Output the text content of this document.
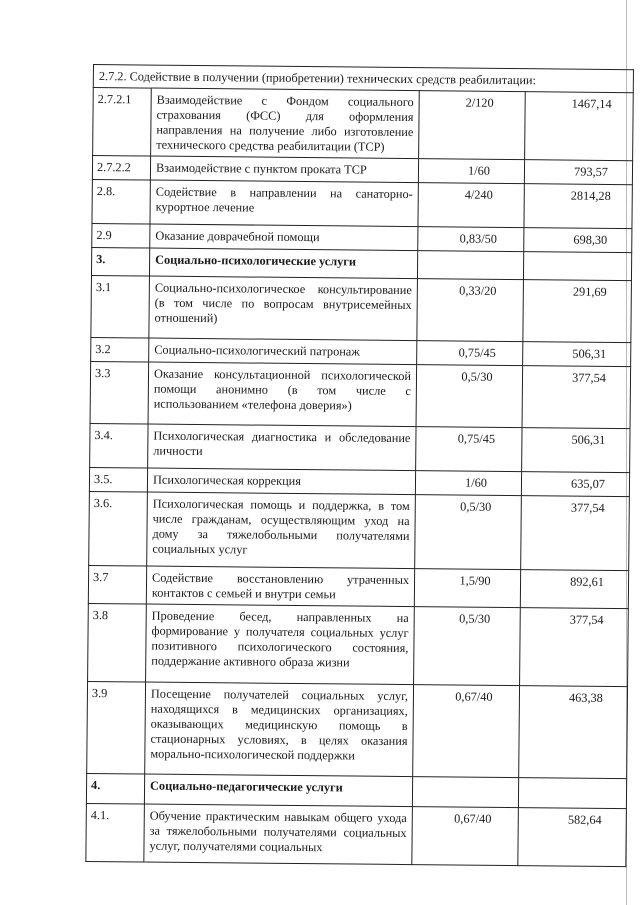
2.7.2. Содействие в получении (приобретении) технических средств реабилитации:			
2.7.2.1	Взаимодействие с Фондом социального страхования (ФСС) для оформления направления на получение либо изготовление технического средства реабилитации (ТСР)	2/120	1467,14
2.7.2.2	Взаимодействие с пунктом проката ТСР	1/60	793,57
2.8.	Содействие в направлении на санаторно-курортное лечение	4/240	2814,28
2.9	Оказание доврачебной помощи	0,83/50	698,30
3.	Социально-психологические услуги		
3.1	Социально-психологическое консультирование (в том числе по вопросам внутрисемейных отношений)	0,33/20	291,69
3.2	Социально-психологический патронаж	0,75/45	506,31
3.3	Оказание консультационной психологической помощи анонимно (в том числе с использованием «телефона доверия»)	0,5/30	377,54
3.4.	Психологическая диагностика и обследование личности	0,75/45	506,31
3.5.	Психологическая коррекция	1/60	635,07
3.6.	Психологическая помощь и поддержка, в том числе гражданам, осуществляющим уход на дому за тяжелобольными получателями социальных услуг	0,5/30	377,54
3.7	Содействие восстановлению утраченных контактов с семьей и внутри семьи	1,5/90	892,61
3.8	Проведение бесед, направленных на формирование у получателя социальных услуг позитивного психологического состояния, поддержание активного образа жизни	0,5/30	377,54
3.9	Посещение получателей социальных услуг, находящихся в медицинских организациях, оказывающих медицинскую помощь в стационарных условиях, в целях оказания морально-психологической поддержки	0,67/40	463,38
4.	Социально-педагогические услуги		
4.1.	Обучение практическим навыкам общего ухода за тяжелобольными получателями социальных услуг, получателями социальных	0,67/40	582,64
